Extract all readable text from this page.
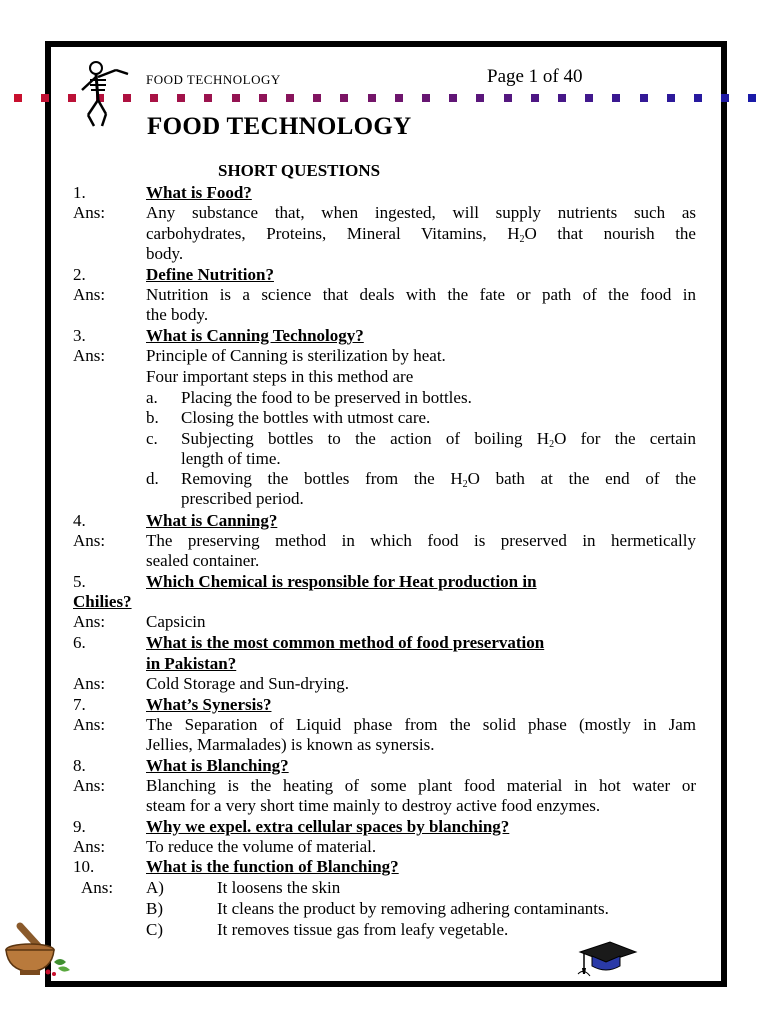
FOOD TECHNOLOGY	Page 1 of 40
FOOD TECHNOLOGY
SHORT QUESTIONS
1.	What is Food?
Ans: Any substance that, when ingested, will supply nutrients such as
carbohydrates, Proteins, Mineral Vitamins, $H_2O$ that nourish the
body.
2.	Define Nutrition?
Ans: Nutrition is a science that deals with the fate or path of the food in
the body.
3.	What is Canning Technology?
Ans: Principle of Canning is sterilization by heat.
Four important steps in this method are
a. Placing the food to be preserved in bottles.
b. Closing the bottles with utmost care.
c. Subjecting bottles to the action of boiling $H_2O$ for the certain
length of time.
d. Removing the bottles from the $H_2O$ bath at the end of the
prescribed period.
4.	What is Canning?
Ans: The preserving method in which food is preserved in hermetically
sealed container.
5.	Which Chemical is responsible for Heat production in
Chilies?
Ans: Capsicin
6.	What is the most common method of food preservation
in Pakistan?
Ans: Cold Storage and Sun-drying.
7.	What’s Synersis?
Ans: The Separation of Liquid phase from the solid phase (mostly in Jam
Jellies, Marmalades) is known as synersis.
8.	What is Blanching?
Ans: Blanching is the heating of some plant food material in hot water or
steam for a very short time mainly to destroy active food enzymes.
9.	Why we expel. extra cellular spaces by blanching?
Ans: To reduce the volume of material.
10.	What is the function of Blanching?
Ans: A)	It loosens the skin
B)	It cleans the product by removing adhering contaminants.
C)	It removes tissue gas from leafy vegetable.
